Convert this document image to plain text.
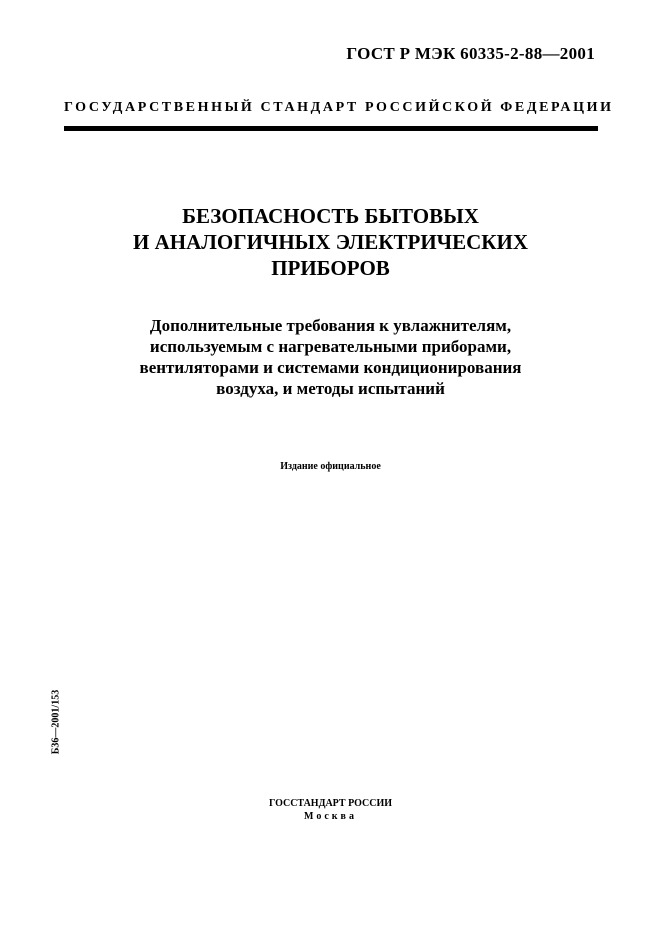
ГОСТ Р МЭК 60335-2-88—2001
ГОСУДАРСТВЕННЫЙ СТАНДАРТ РОССИЙСКОЙ ФЕДЕРАЦИИ
БЕЗОПАСНОСТЬ БЫТОВЫХ
И АНАЛОГИЧНЫХ ЭЛЕКТРИЧЕСКИХ
ПРИБОРОВ
Дополнительные требования к увлажнителям,
используемым с нагревательными приборами,
вентиляторами и системами кондиционирования
воздуха, и методы испытаний
Издание официальное
Б36—2001/153
ГОССТАНДАРТ РОССИИ
Москва
